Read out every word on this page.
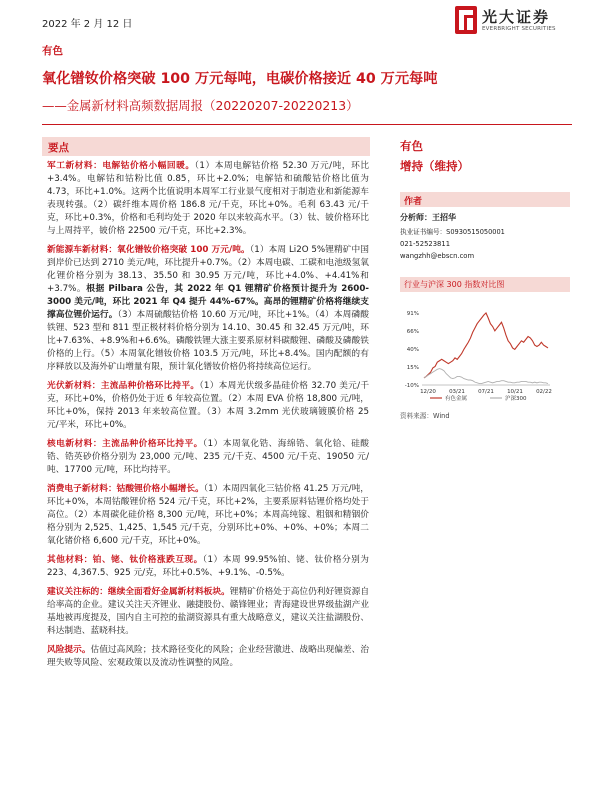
2022 年 2 月 12 日	光大证券
EVERBRIGHT SECURITIES
有色
氧化镨钕价格突破 100 万元每吨，电碳价格接近 40 万元每吨
——金属新材料高频数据周报（20220207-20220213）
要点

军工新材料：电解钴价格小幅回暖。（1）本周电解钴价格 52.30 万元/吨，环比+3.4%。电解钴和钴粉比值 0.85，环比+2.0%；电解钴和硫酸钴价格比值为 4.73，环比+1.0%。这两个比值说明本周军工行业景气度相对于制造业和新能源车表现转强。（2）碳纤维本周价格 186.8 元/千克，环比+0%。毛利 63.43 元/千克，环比+0.3%，价格和毛利均处于 2020 年以来较高水平。（3）钛、铍价格环比与上周持平，铍价格 22500 元/千克，环比+2.3%。

新能源车新材料：氧化镨钕价格突破 100 万元/吨。（1）本周 Li2O 5%锂精矿中国到岸价已达到 2710 美元/吨，环比提升+0.7%。（2）本周电碳、工碳和电池级氢氧化锂价格分别为 38.13、35.50 和 30.95 万元/吨，环比+4.0%、+4.41%和+3.7%。根据 Pilbara 公告，其 2022 年 Q1 锂精矿价格预计提升为 2600-3000 美元/吨，环比 2021 年 Q4 提升 44%-67%。高昂的锂精矿价格将继续支撑高位锂价运行。（3）本周硫酸钴价格 10.60 万元/吨，环比+1%。（4）本周磷酸铁锂、523 型和 811 型正极材料价格分别为 14.10、30.45 和 32.45 万元/吨，环比+7.63%、+8.9%和+6.6%。磷酸铁锂大涨主要系原材料碳酸锂、磷酸及磷酸铁价格的上行。（5）本周氧化镨钕价格 103.5 万元/吨，环比+8.4%。国内配额的有序释放以及海外矿山增量有限，预计氧化镨钕价格仍将持续高位运行。

光伏新材料：主流品种价格环比持平。（1）本周光伏级多晶硅价格 32.70 美元/千克，环比+0%，价格仍处于近 6 年较高位置。（2）本周 EVA 价格 18,800 元/吨，环比+0%，保持 2013 年来较高位置。（3）本周 3.2mm 光伏玻璃镀膜价格 25 元/平米，环比+0%。

核电新材料：主流品种价格环比持平。（1）本周氧化锆、海绵锆、氧化铪、硅酸锆、锆英砂价格分别为 23,000 元/吨、235 元/千克、4500 元/千克、19050 元/吨、17700 元/吨，环比均持平。

消费电子新材料：钴酸锂价格小幅增长。（1）本周四氧化三钴价格 41.25 万元/吨，环比+0%，本周钴酸锂价格 524 元/千克，环比+2%，主要系原料钴锂价格均处于高位。（2）本周碳化硅价格 8,300 元/吨，环比+0%；本周高纯镓、粗铟和精铟价格分别为 2,525、1,425、1,545 元/千克，分别环比+0%、+0%、+0%；本周二氧化锗价格 6,600 元/千克，环比+0%。

其他材料：铂、铑、钛价格涨跌互现。（1）本周 99.95%铂、铑、钛价格分别为 223、4,367.5、925 元/克，环比+0.5%、+9.1%、-0.5%。

建议关注标的：继续全面看好金属新材料板块。锂精矿价格处于高位仍利好锂资源自给率高的企业。建议关注天齐锂业、融捷股份、赣锋锂业；青海建设世界级盐湖产业基地被再度提及，国内自主可控的盐湖资源具有重大战略意义，建议关注盐湖股份、科达制造、蓝晓科技。

风险提示。估值过高风险；技术路径变化的风险；企业经营激进、战略出现偏差、治理失败等风险、宏观政策以及流动性调整的风险。

有色
增持（维持）
作者
分析师：王招华
执业证书编号：S0930515050001
021-52523811
wangzhh@ebscn.com
行业与沪深 300 指数对比图
91%
66%
40%
15%
-10%
12/20 03/21 07/21 10/21 02/22
有色金属	沪深300
资料来源：Wind
